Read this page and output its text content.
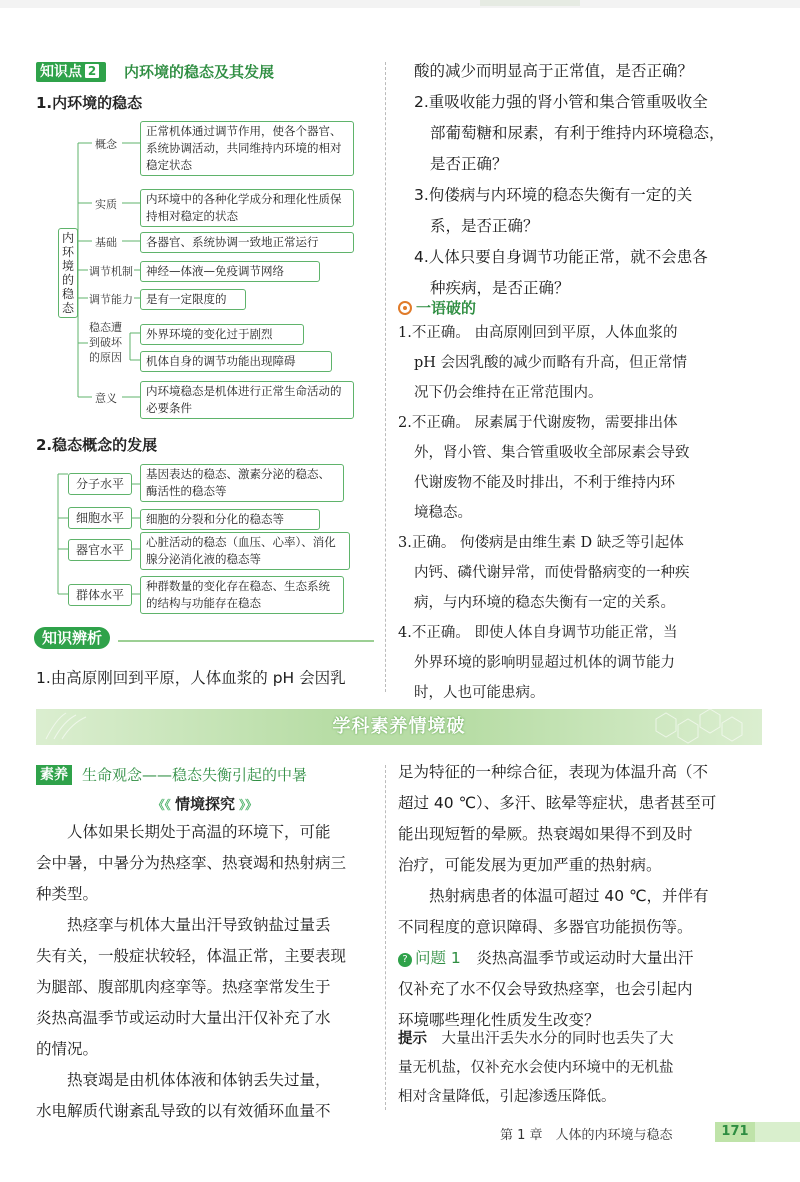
知识点 2	内环境的稳态及其发展
1.内环境的稳态
内
环
境
的
稳
态
概念
实质
基础
调节机制
调节能力
稳态遭到破坏的原因
意义
正常机体通过调节作用，使各个器官、系统协调活动，共同维持内环境的相对稳定状态
内环境中的各种化学成分和理化性质保持相对稳定的状态
各器官、系统协调一致地正常运行
神经—体液—免疫调节网络
是有一定限度的
外界环境的变化过于剧烈
机体自身的调节功能出现障碍
内环境稳态是机体进行正常生命活动的必要条件
2.稳态概念的发展
分子水平
细胞水平
器官水平
群体水平
基因表达的稳态、激素分泌的稳态、酶活性的稳态等
细胞的分裂和分化的稳态等
心脏活动的稳态（血压、心率）、消化腺分泌消化液的稳态等
种群数量的变化存在稳态、生态系统的结构与功能存在稳态
知识辨析
1.由高原刚回到平原，人体血浆的 pH 会因乳
酸的减少而明显高于正常值，是否正确？
2.重吸收能力强的肾小管和集合管重吸收全
部葡萄糖和尿素，有利于维持内环境稳态，
是否正确？
3.佝偻病与内环境的稳态失衡有一定的关
系，是否正确？
4.人体只要自身调节功能正常，就不会患各
种疾病，是否正确？
一语破的
1.不正确。 由高原刚回到平原，人体血浆的
pH 会因乳酸的减少而略有升高，但正常情
况下仍会维持在正常范围内。
2.不正确。 尿素属于代谢废物，需要排出体
外，肾小管、集合管重吸收全部尿素会导致
代谢废物不能及时排出，不利于维持内环
境稳态。
3.正确。 佝偻病是由维生素 D 缺乏等引起体
内钙、磷代谢异常，而使骨骼病变的一种疾
病，与内环境的稳态失衡有一定的关系。
4.不正确。 即使人体自身调节功能正常，当
外界环境的影响明显超过机体的调节能力
时，人也可能患病。
学科素养情境破
素养 生命观念——稳态失衡引起的中暑
《《 情境探究 》》
人体如果长期处于高温的环境下，可能
会中暑，中暑分为热痉挛、热衰竭和热射病三
种类型。
热痉挛与机体大量出汗导致钠盐过量丢
失有关，一般症状较轻，体温正常，主要表现
为腿部、腹部肌肉痉挛等。热痉挛常发生于
炎热高温季节或运动时大量出汗仅补充了水
的情况。
热衰竭是由机体体液和体钠丢失过量，
水电解质代谢紊乱导致的以有效循环血量不
足为特征的一种综合征，表现为体温升高（不
超过 40 ℃）、多汗、眩晕等症状，患者甚至可
能出现短暂的晕厥。热衰竭如果得不到及时
治疗，可能发展为更加严重的热射病。
热射病患者的体温可超过 40 ℃，并伴有
不同程度的意识障碍、多器官功能损伤等。
? 问题 1　 炎热高温季节或运动时大量出汗
仅补充了水不仅会导致热痉挛，也会引起内
环境哪些理化性质发生改变？
提示　 大量出汗丢失水分的同时也丢失了大
量无机盐，仅补充水会使内环境中的无机盐
相对含量降低，引起渗透压降低。
第 1 章　人体的内环境与稳态	171
